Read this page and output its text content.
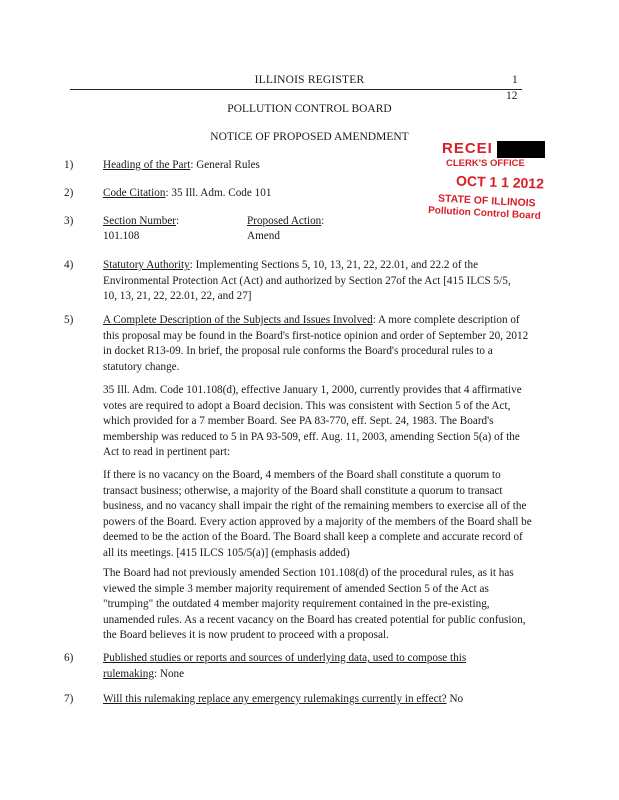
ILLINOIS REGISTER	1
12
POLLUTION CONTROL BOARD
NOTICE OF PROPOSED AMENDMENT
RECEI
CLERK'S OFFICE
OCT 1 1 2012
STATE OF ILLINOIS
Pollution Control Board
1)	Heading of the Part: General Rules
2)	Code Citation: 35 Ill. Adm. Code 101
3)	Section Number:
101.108
Proposed Action:
Amend
4)	Statutory Authority: Implementing Sections 5, 10, 13, 21, 22, 22.01, and 22.2 of the Environmental Protection Act (Act) and authorized by Section 27of the Act [415 ILCS 5/5, 10, 13, 21, 22, 22.01, 22, and 27]
5)	A Complete Description of the Subjects and Issues Involved: A more complete description of this proposal may be found in the Board's first-notice opinion and order of September 20, 2012 in docket R13-09. In brief, the proposal rule conforms the Board's procedural rules to a statutory change.
35 Ill. Adm. Code 101.108(d), effective January 1, 2000, currently provides that 4 affirmative votes are required to adopt a Board decision. This was consistent with Section 5 of the Act, which provided for a 7 member Board. See PA 83-770, eff. Sept. 24, 1983. The Board's membership was reduced to 5 in PA 93-509, eff. Aug. 11, 2003, amending Section 5(a) of the Act to read in pertinent part:
If there is no vacancy on the Board, 4 members of the Board shall constitute a quorum to transact business; otherwise, a majority of the Board shall constitute a quorum to transact business, and no vacancy shall impair the right of the remaining members to exercise all of the powers of the Board. Every action approved by a majority of the members of the Board shall be deemed to be the action of the Board. The Board shall keep a complete and accurate record of all its meetings. [415 ILCS 105/5(a)] (emphasis added)
The Board had not previously amended Section 101.108(d) of the procedural rules, as it has viewed the simple 3 member majority requirement of amended Section 5 of the Act as "trumping" the outdated 4 member majority requirement contained in the pre-existing, unamended rules. As a recent vacancy on the Board has created potential for public confusion, the Board believes it is now prudent to proceed with a proposal.
6)	Published studies or reports and sources of underlying data, used to compose this rulemaking: None
7)	Will this rulemaking replace any emergency rulemakings currently in effect? No
